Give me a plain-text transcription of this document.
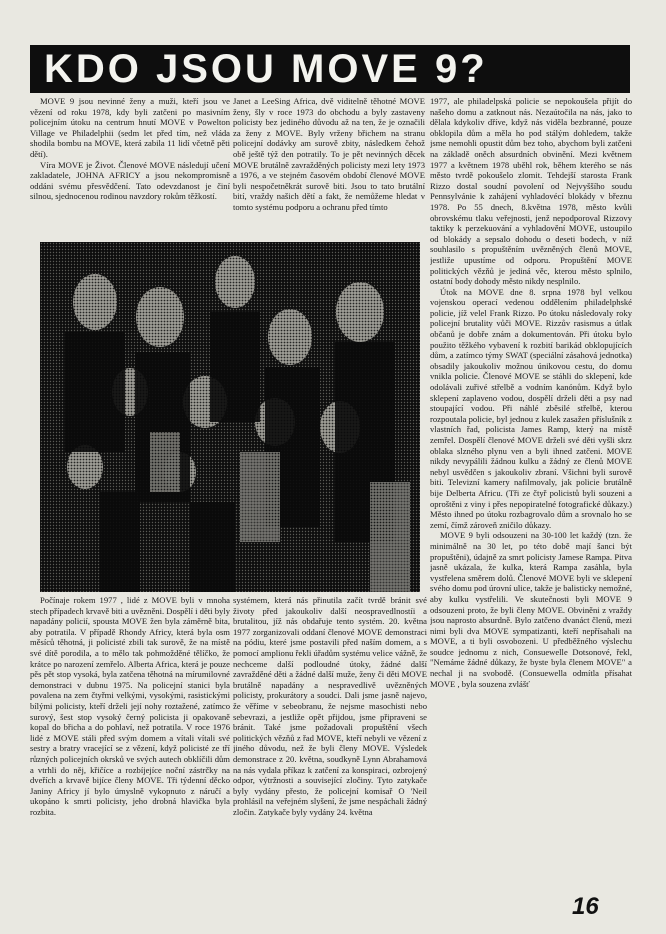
KDO JSOU MOVE 9?

MOVE 9 jsou nevinné ženy a muži, kteří jsou ve vězení od roku 1978, kdy byli zatčeni po masivním policejním útoku na centrum hnutí MOVE v Powelton Village ve Philadelphii (sedm let před tím, než vláda shodila bombu na MOVE, která zabila 11 lidí včetně pěti dětí).

Víra MOVE je Život. Členové MOVE následují učení zakladatele, JOHNA AFRICY a jsou nekompromisně oddáni svému přesvědčení. Tato odevzdanost je činí silnou, sjednocenou rodinou navzdory rokům těžkostí.

Janet a LeeSing Africa, dvě viditelně těhotné MOVE ženy, šly v roce 1973 do obchodu a byly zastaveny policisty bez jediného důvodu až na ten, že je označili za ženy z MOVE. Byly vrženy břichem na stranu policejní dodávky am surově zbity, následkem čehož obě ještě týž den potratily. To je pět nevinných děcek MOVE brutálně zavražděných policisty mezi lety 1973 a 1976, a ve stejném časovém období členové MOVE byli nespočetněkrát surově biti. Jsou to tato brutální bití, vraždy našich dětí a fakt, že nemůžeme hledat v tomto systému podporu a ochranu před tímto

Počínaje rokem 1977 , lidé z MOVE byli v mnoha stech případech krvavě biti a uvězněni. Dospělí i děti byly napadány policií, spousta MOVE žen byla záměrně bita, aby potratila. V případě Rhondy Africy, která byla osm měsíců těhotná, ji policisté zbili tak surově, že na místě své dítě porodila, a to mělo tak pohmožděné tělíčko, že krátce po narození zemřelo. Alberta Africa, která je pouze pěs pět stop vysoká, byla zatčena těhotná na mírumilovné demonstraci v dubnu 1975. Na policejní stanici byla povalena na zem čtyřmi velkými, vysokými, rasistickými bílými policisty, kteří drželi její nohy roztažené, zatímco surový, šest stop vysoký černý policista ji opakovaně kopal do břicha a do pohlaví, než potratila. V roce 1976 lidé z MOVE stáli před svým domem a vítali vítali své sestry a bratry vracející se z vězení, když policisté ze tří různých policejních okrsků ve svých autech obklíčili dům a vtrhli do něj, křičíce a rozbíjejíce noční zástrčky na dveřích a krvavě bijíce členy MOVE. Tři týdenní děcko Janiny Africy jí bylo úmyslně vykopnuto z náručí a ukopáno k smrti policisty, jeho drobná hlavička byla rozbita.

systémem, která nás přinutila začít tvrdě bránit své životy před jakoukoliv další neospravedlnostíi a brutalitou, jíž nás obdařuje tento systém. 20. května 1977 zorganizovali oddaní členové MOVE demonstraci na pódiu, které jsme postavili před naším domem, a s pomocí amplionu řekli úřadům systému velice vážně, že nechceme další podloudné útoky, žádné další zavražděné děti a žádné další muže, ženy či děti MOVE brutálně napadány a nespravedlivě uvězněných policisty, prokurátory a soudci. Dali jsme jasně najevo, že věříme v sebeobranu, že nejsme masochisti nebo sebevrazi, a jestliže opět přijdou, jsme připraveni se bránit. Také jsme požadovali propuštění všech politických vězňů z řad MOVE, kteří nebyli ve vězení z jiného důvodu, než že byli členy MOVE. Výsledek demonstrace z 20. května, soudkyně Lynn Abrahamová na nás vydala příkaz k zatčení za konspiraci, ozbrojený odpor, výtržnosti a související zločiny. Tyto zatykače byly vydány přesto, že policejní komisař O 'Neil prohlásil na veřejném slyšení, že jsme nespáchali žádný zločin. Zatykače byly vydány 24. května

1977, ale philadelpská policie se nepokoušela přijít do našeho domu a zatknout nás. Nezaútočila na nás, jako to dělala kdykoliv dříve, když nás viděla bezbranné, pouze obklopila dům a měla ho pod stálým dohledem, takže jsme nemohli opustit dům bez toho, abychom byli zatčeni na základě oněch absurdních obvinění. Mezi květnem 1977 a květnem 1978 uběhl rok, během kterého se nás město tvrdě pokoušelo zlomit. Tehdejší starosta Frank Rizzo dostal soudní povolení od Nejvyššího soudu Pennsylvánie k zahájení vyhladovécí blokády v březnu 1978. Po 55 dnech, 8.května 1978, město kvůli obrovskému tlaku veřejnosti, jenž nepodporoval Rizzovy taktiky k perzekuování a vyhladovění MOVE, ustoupilo od blokády a sepsalo dohodu o deseti bodech, v níž souhlasilo s propuštěním uvězněných členů MOVE, jestliže upustíme od odporu. Propuštění MOVE politických vězňů je jediná věc, kterou město splnilo, ostatní body dohody město nikdy nesplnilo.

Útok na MOVE dne 8. srpna 1978 byl velkou vojenskou operací vedenou oddělením philadelphské policie, jíž velel Frank Rizzo. Po útoku následovaly roky policejní brutality vůči MOVE. Rizzův rasismus a útlak občanů je dobře znám a dokumentován. Při útoku bylo použito těžkého vybavení k rozbití barikád obklopujících dům, a zatímco týmy SWAT (speciální zásahová jednotka) obsadily jakoukoliv možnou únikovou cestu, do domu vnikla policie. Členové MOVE se stáhli do sklepení, kde odolávali zuřivé střelbě a vodním kanónům. Když bylo sklepení zaplaveno vodou, dospělí drželi děti a psy nad stoupající vodou. Při náhlé zběsilé střelbě, kterou rozpoutala policie, byl jednou z kulek zasažen příslušník z vlastních řad, policista James Ramp, který na místě zemřel. Dospělí členové MOVE drželi své děti vyšli skrz oblaka slzného plynu ven a byli ihned zatčeni. MOVE nikdy nevypálili žádnou kulku a žádný ze členů MOVE nebyl usvědčen s jakoukoliv zbraní. Všichni byli surově biti. Televizní kamery nafilmovaly, jak policie brutálně bije Delberta Africu. (Tři ze čtyř policistů byli souzeni a oproštěni z viny i přes nepopiratelné fotografické důkazy.) Město ihned po útoku rozbagrovalo dům a srovnalo ho se zemí, čímž zároveň zničilo důkazy.

MOVE 9 byli odsouzeni na 30-100 let každý (tzn. že minimálně na 30 let, po této době mají šanci být propuštěni), údajně za smrt policisty Jamese Rampa. Pitva jasně ukázala, že kulka, která Rampa zasáhla, byla vystřelena směrem dolů. Členové MOVE byli ve sklepení svého domu pod úrovní ulice, takže je balisticky nemožné, aby kulku vystřelili. Ve skutečnosti byli MOVE 9 odsouzeni proto, že byli členy MOVE. Obviněni z vraždy jsou naprosto absurdně. Bylo zatčeno dvanáct členů, mezi nimi byli dva MOVE sympatizanti, kteří nepřísahali na MOVE, a ti byli osvobozeni. U předběžného výslechu soudce jednomu z nich, Consuewelle Dotsonové, řekl, "Nemáme žádné důkazy, že byste byla členem MOVE" a nechal ji na svobodě. (Consuewella odmítla přísahat MOVE , byla souzena zvlášť

16
